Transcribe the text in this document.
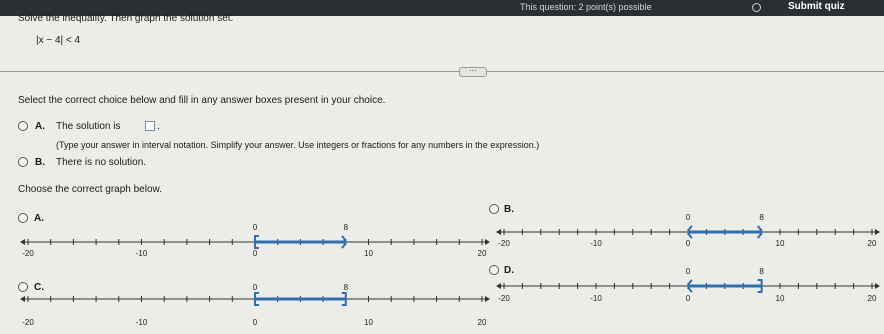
This question: 2 point(s) possible	Submit quiz
Solve the inequality. Then graph the solution set.
|x − 4| < 4
···
Select the correct choice below and fill in any answer boxes present in your choice.
A. The solution is	.
(Type your answer in interval notation. Simplify your answer. Use integers or fractions for any numbers in the expression.)
B. There is no solution.
Choose the correct graph below.
A.
-20	-10	0	10	20
0	8
B.
-20	-10	0	10	20
0	8
C.
-20	-10	0	10	20
0	8
D.
-20	-10	0	10	20
0	8
